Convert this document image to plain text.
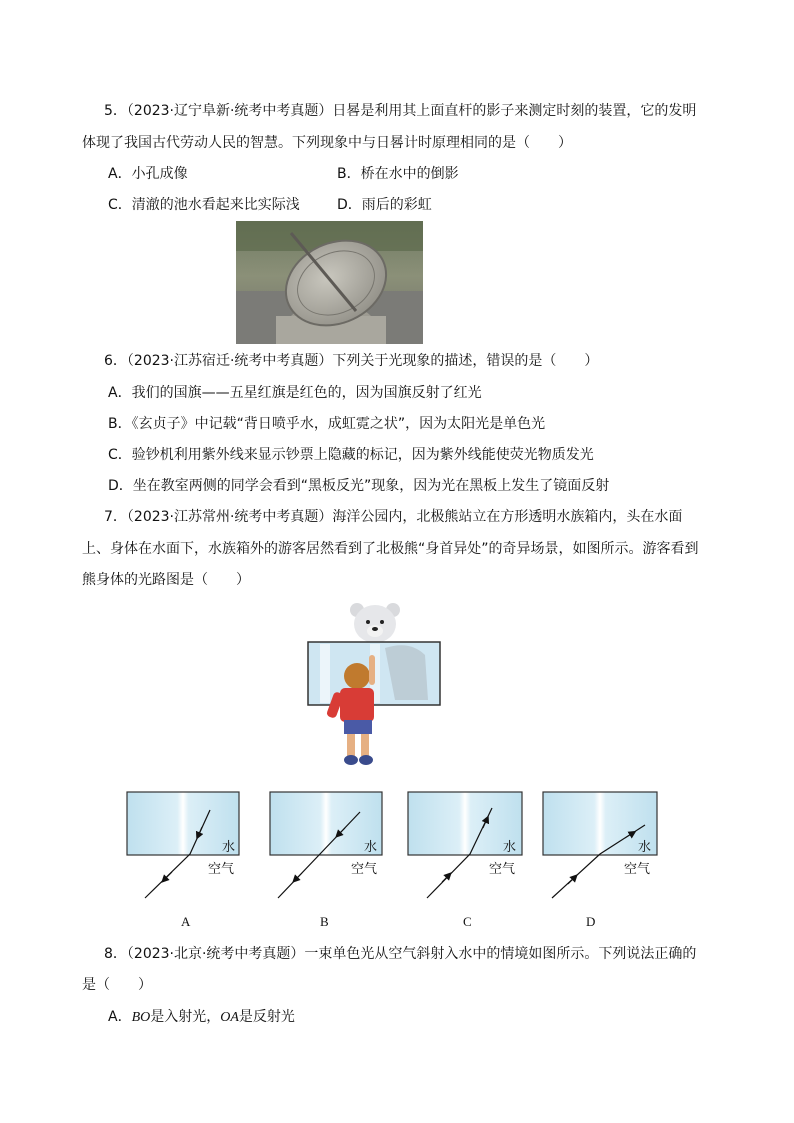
5．（2023·辽宁阜新·统考中考真题）日晷是利用其上面直杆的影子来测定时刻的装置，它的发明
体现了我国古代劳动人民的智慧。下列现象中与日晷计时原理相同的是（　　）
A．小孔成像	B．桥在水中的倒影
C．清澈的池水看起来比实际浅	D．雨后的彩虹
6．（2023·江苏宿迁·统考中考真题）下列关于光现象的描述，错误的是（　　）
A．我们的国旗——五星红旗是红色的，因为国旗反射了红光
B．《玄贞子》中记载“背日喷乎水，成虹霓之状”，因为太阳光是单色光
C．验钞机利用紫外线来显示钞票上隐藏的标记，因为紫外线能使荧光物质发光
D．坐在教室两侧的同学会看到“黑板反光”现象，因为光在黑板上发生了镜面反射
7．（2023·江苏常州·统考中考真题）海洋公园内，北极熊站立在方形透明水族箱内，头在水面
上、身体在水面下，水族箱外的游客居然看到了北极熊“身首异处”的奇异场景，如图所示。游客看到
熊身体的光路图是（　　）
水
空气
水
空气
水
空气
水
空气
A	B	C	D
8．（2023·北京·统考中考真题）一束单色光从空气斜射入水中的情境如图所示。下列说法正确的
是（　　）
A．BO是入射光，OA是反射光
